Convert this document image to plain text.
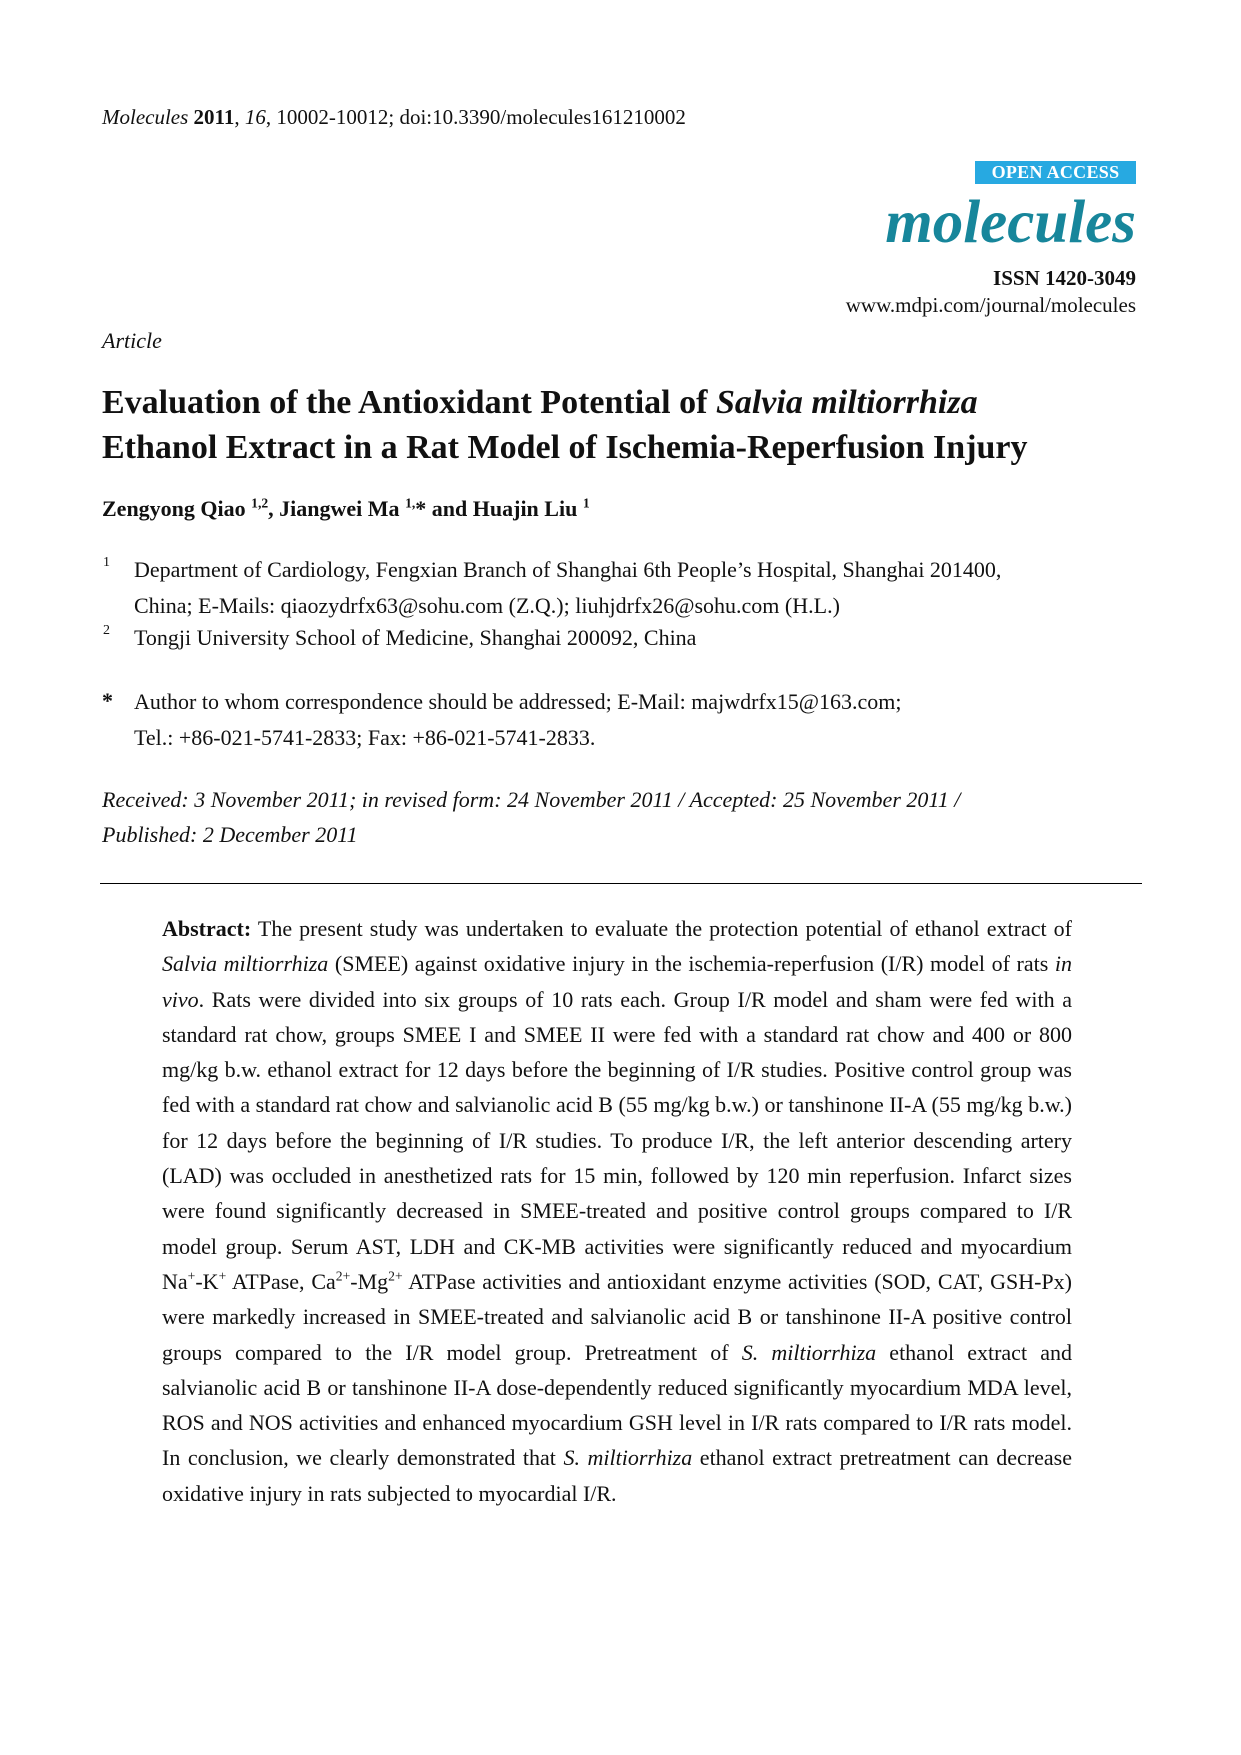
Molecules 2011, 16, 10002-10012; doi:10.3390/molecules161210002
OPEN ACCESS
molecules
ISSN 1420-3049
www.mdpi.com/journal/molecules
Article
Evaluation of the Antioxidant Potential of Salvia miltiorrhiza
Ethanol Extract in a Rat Model of Ischemia-Reperfusion Injury
Zengyong Qiao $^{1,2}$, Jiangwei Ma $^{1,}$* and Huajin Liu $^1$
1 Department of Cardiology, Fengxian Branch of Shanghai 6th People’s Hospital, Shanghai 201400,
China; E-Mails: qiaozydrfx63@sohu.com (Z.Q.); liuhjdrfx26@sohu.com (H.L.)
2 Tongji University School of Medicine, Shanghai 200092, China
* Author to whom correspondence should be addressed; E-Mail: majwdrfx15@163.com;
Tel.: +86-021-5741-2833; Fax: +86-021-5741-2833.
Received: 3 November 2011; in revised form: 24 November 2011 / Accepted: 25 November 2011 /
Published: 2 December 2011
Abstract: The present study was undertaken to evaluate the protection potential of ethanol extract of Salvia miltiorrhiza (SMEE) against oxidative injury in the ischemia-reperfusion (I/R) model of rats in vivo. Rats were divided into six groups of 10 rats each. Group I/R model and sham were fed with a standard rat chow, groups SMEE I and SMEE II were fed with a standard rat chow and 400 or 800 mg/kg b.w. ethanol extract for 12 days before the beginning of I/R studies. Positive control group was fed with a standard rat chow and salvianolic acid B (55 mg/kg b.w.) or tanshinone II-A (55 mg/kg b.w.) for 12 days before the beginning of I/R studies. To produce I/R, the left anterior descending artery (LAD) was occluded in anesthetized rats for 15 min, followed by 120 min reperfusion. Infarct sizes were found significantly decreased in SMEE-treated and positive control groups compared to I/R model group. Serum AST, LDH and CK-MB activities were significantly reduced and myocardium Na+-K+ ATPase, $Ca^{2+}-Mg^{2+}$ ATPase activities and antioxidant enzyme activities (SOD, CAT, GSH-Px) were markedly increased in SMEE-treated and salvianolic acid B or tanshinone II-A positive control groups compared to the I/R model group. Pretreatment of S. miltiorrhiza ethanol extract and salvianolic acid B or tanshinone II-A dose-dependently reduced significantly myocardium MDA level, ROS and NOS activities and enhanced myocardium GSH level in I/R rats compared to I/R rats model. In conclusion, we clearly demonstrated that S. miltiorrhiza ethanol extract pretreatment can decrease oxidative injury in rats subjected to myocardial I/R.
